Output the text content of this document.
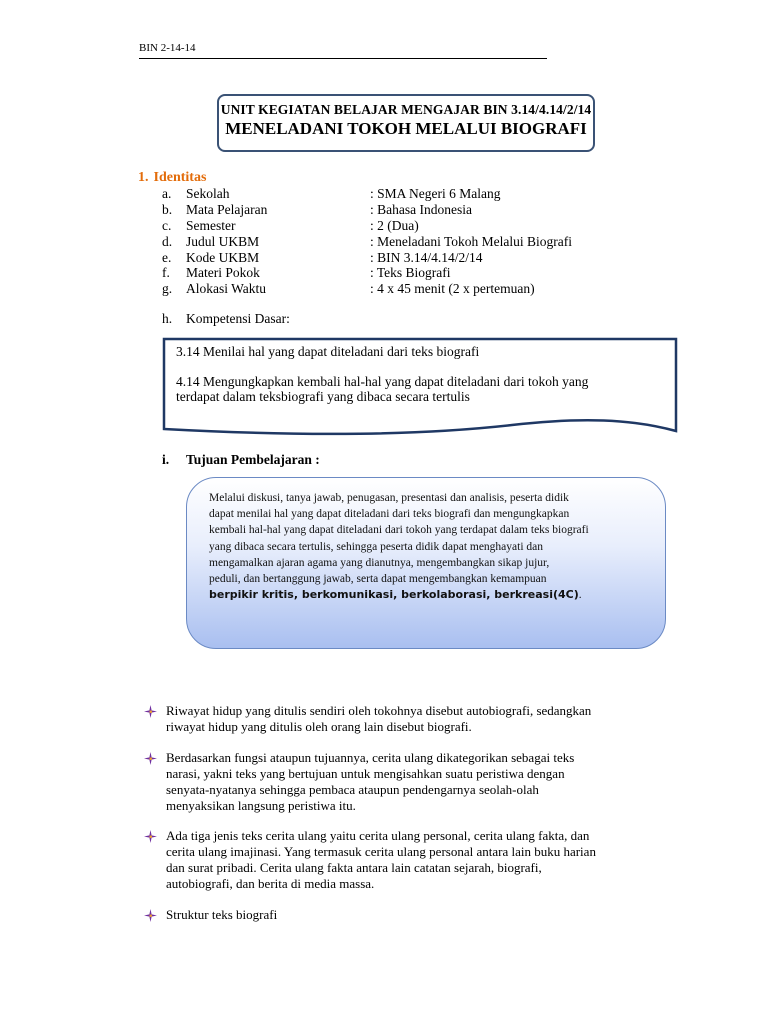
BIN 2-14-14
UNIT KEGIATAN BELAJAR MENGAJAR BIN 3.14/4.14/2/14
MENELADANI TOKOH MELALUI BIOGRAFI
1. Identitas
a. Sekolah	: SMA Negeri 6 Malang
b. Mata Pelajaran	: Bahasa Indonesia
c. Semester	: 2 (Dua)
d. Judul UKBM	: Meneladani Tokoh Melalui Biografi
e. Kode UKBM	: BIN 3.14/4.14/2/14
f. Materi Pokok	: Teks Biografi
g. Alokasi Waktu	: 4 x 45 menit (2 x pertemuan)
h. Kompetensi Dasar:
3.14 Menilai hal yang dapat diteladani dari teks biografi
4.14 Mengungkapkan kembali hal-hal yang dapat diteladani dari tokoh yang
terdapat dalam teksbiografi yang dibaca secara tertulis
i. Tujuan Pembelajaran :
Melalui diskusi, tanya jawab, penugasan, presentasi dan analisis, peserta didik
dapat menilai hal yang dapat diteladani dari teks biografi dan mengungkapkan
kembali hal-hal yang dapat diteladani dari tokoh yang terdapat dalam teks biografi
yang dibaca secara tertulis, sehingga peserta didik dapat menghayati dan
mengamalkan ajaran agama yang dianutnya, mengembangkan sikap jujur,
peduli, dan bertanggung jawab, serta dapat mengembangkan kemampuan
berpikir kritis, berkomunikasi, berkolaborasi, berkreasi(4C).
Riwayat hidup yang ditulis sendiri oleh tokohnya disebut autobiografi, sedangkan
riwayat hidup yang ditulis oleh orang lain disebut biografi.
Berdasarkan fungsi ataupun tujuannya, cerita ulang dikategorikan sebagai teks
narasi, yakni teks yang bertujuan untuk mengisahkan suatu peristiwa dengan
senyata-nyatanya sehingga pembaca ataupun pendengarnya seolah-olah
menyaksikan langsung peristiwa itu.
Ada tiga jenis teks cerita ulang yaitu cerita ulang personal, cerita ulang fakta, dan
cerita ulang imajinasi. Yang termasuk cerita ulang personal antara lain buku harian
dan surat pribadi. Cerita ulang fakta antara lain catatan sejarah, biografi,
autobiografi, dan berita di media massa.
Struktur teks biografi
